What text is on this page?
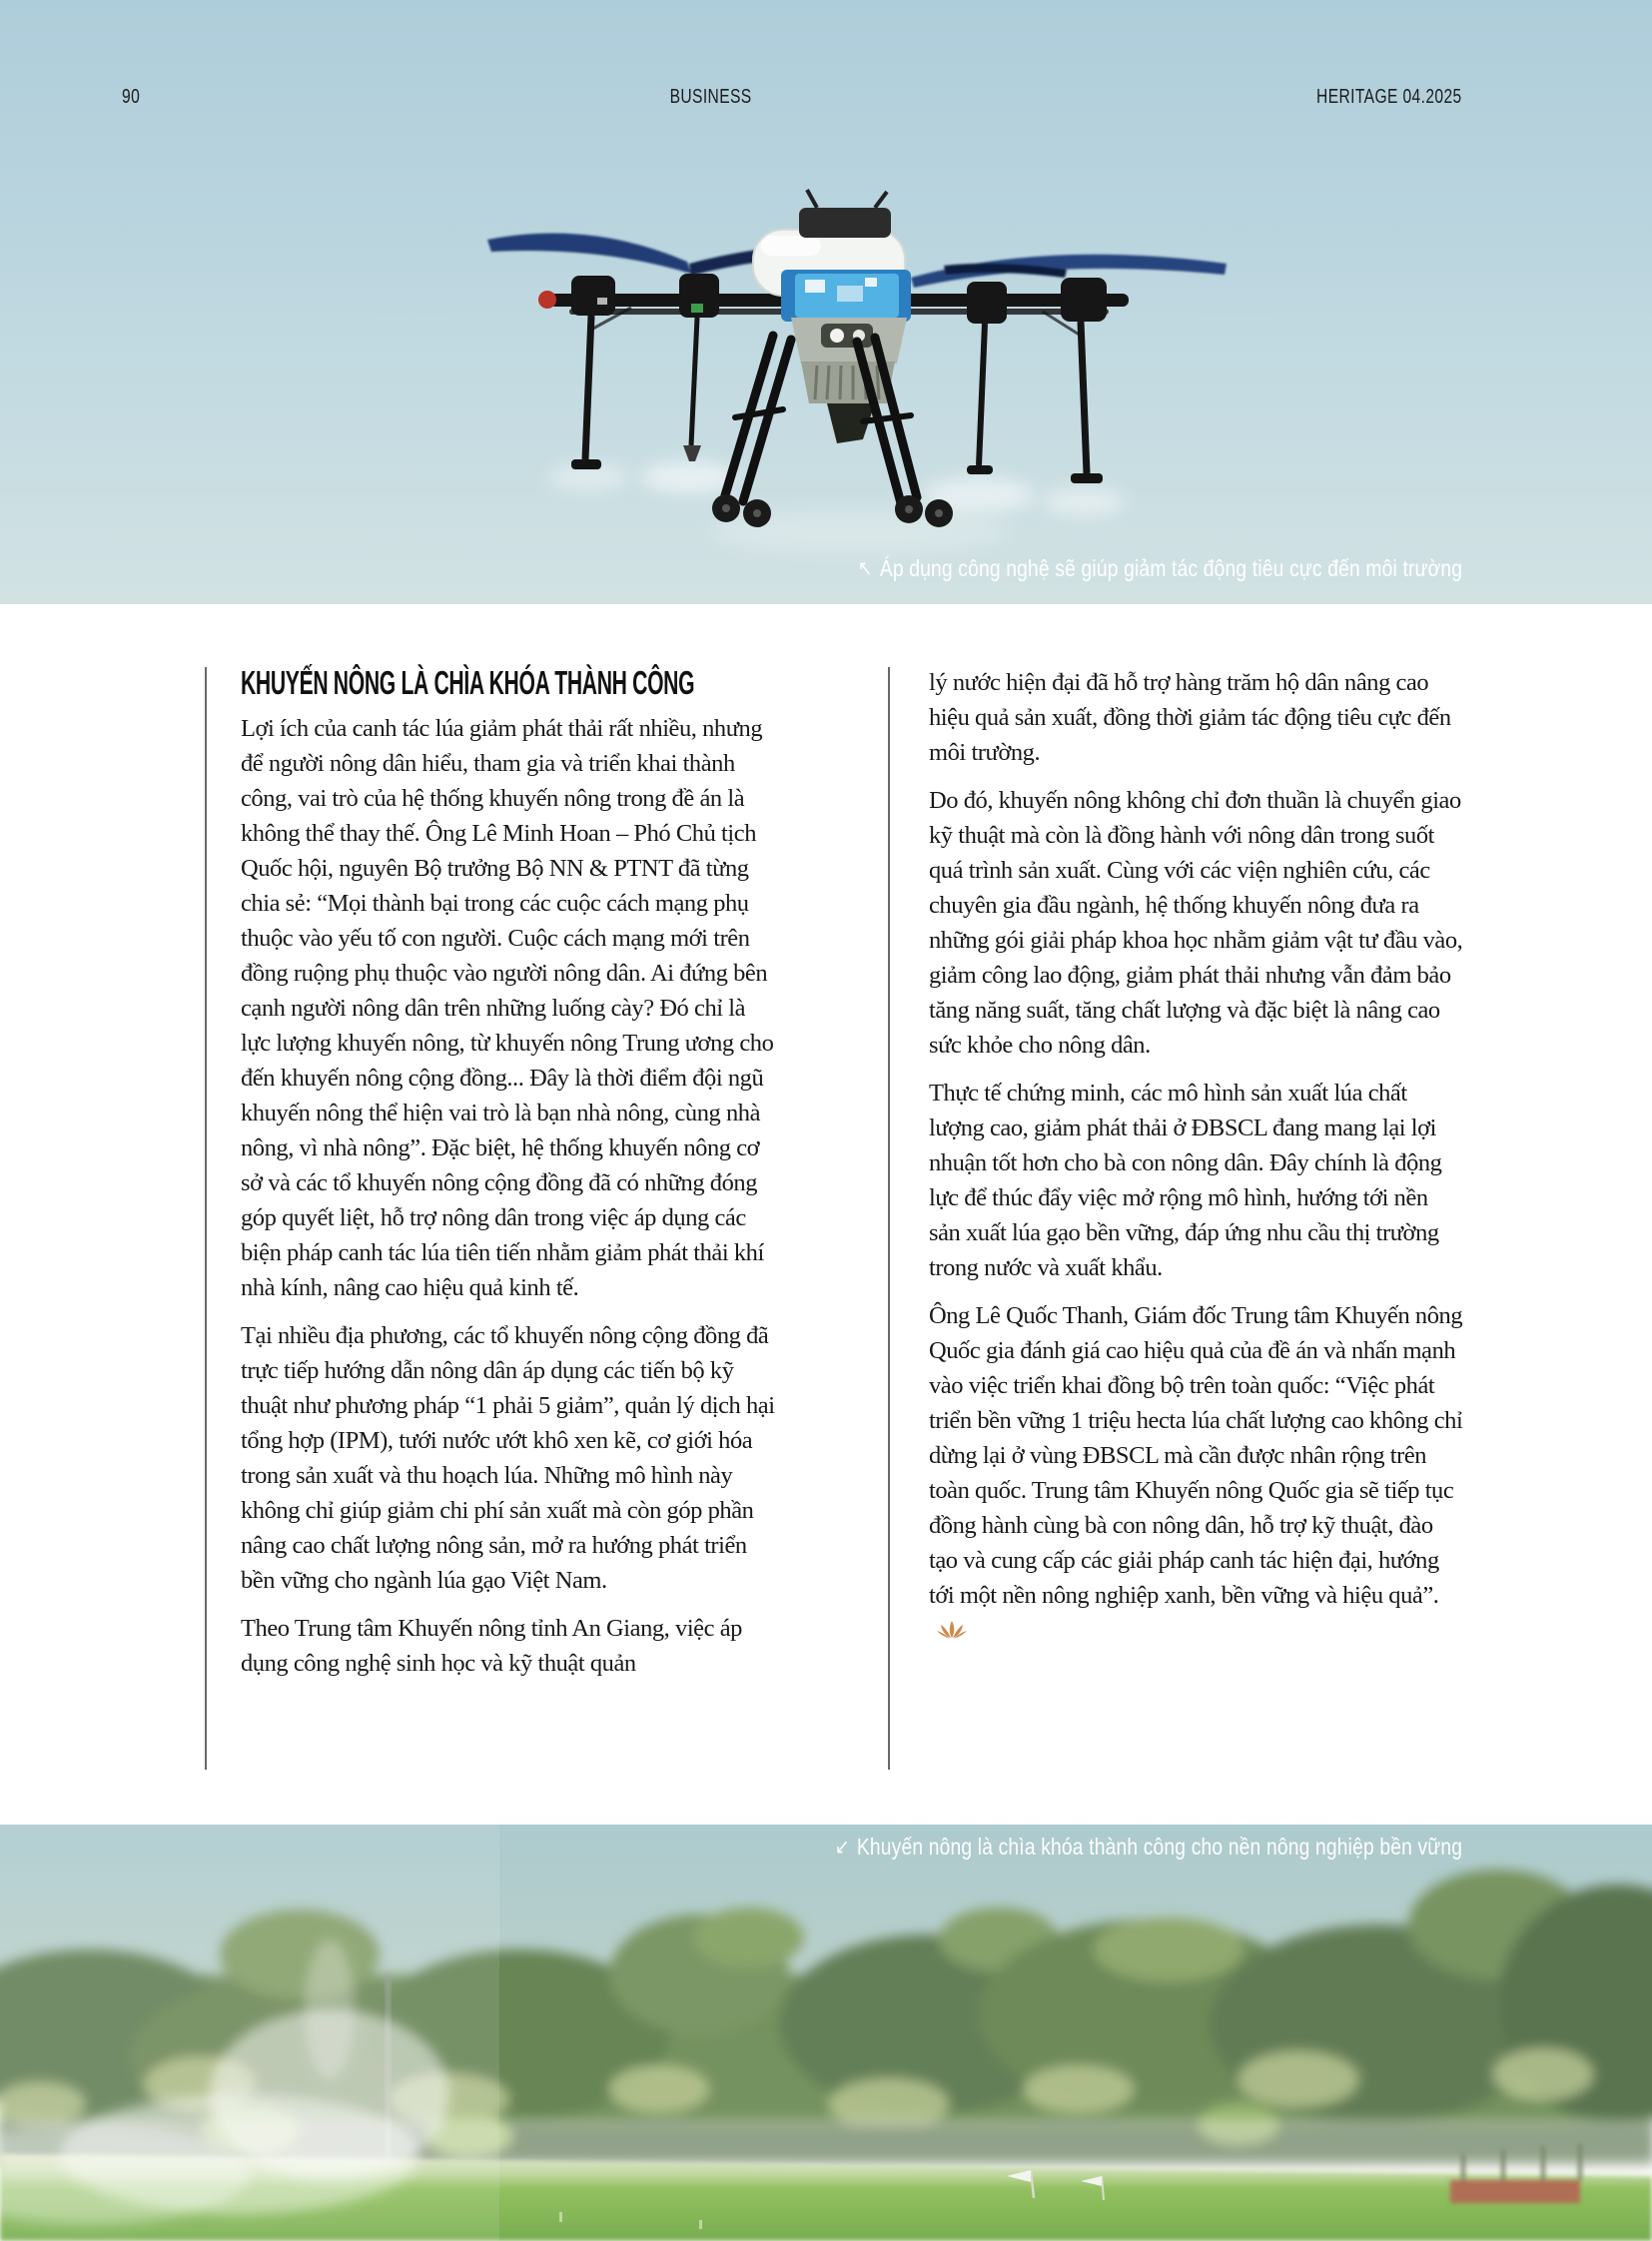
90	BUSINESS	HERITAGE 04.2025
↖ Áp dụng công nghệ sẽ giúp giảm tác động tiêu cực đến môi trường
KHUYẾN NÔNG LÀ CHÌA KHÓA THÀNH CÔNG

Lợi ích của canh tác lúa giảm phát thải rất nhiều, nhưng để người nông dân hiểu, tham gia và triển khai thành công, vai trò của hệ thống khuyến nông trong đề án là không thể thay thế. Ông Lê Minh Hoan – Phó Chủ tịch Quốc hội, nguyên Bộ trưởng Bộ NN & PTNT đã từng chia sẻ: “Mọi thành bại trong các cuộc cách mạng phụ thuộc vào yếu tố con người. Cuộc cách mạng mới trên đồng ruộng phụ thuộc vào người nông dân. Ai đứng bên cạnh người nông dân trên những luống cày? Đó chỉ là lực lượng khuyến nông, từ khuyến nông Trung ương cho đến khuyến nông cộng đồng... Đây là thời điểm đội ngũ khuyến nông thể hiện vai trò là bạn nhà nông, cùng nhà nông, vì nhà nông”. Đặc biệt, hệ thống khuyến nông cơ sở và các tổ khuyến nông cộng đồng đã có những đóng góp quyết liệt, hỗ trợ nông dân trong việc áp dụng các biện pháp canh tác lúa tiên tiến nhằm giảm phát thải khí nhà kính, nâng cao hiệu quả kinh tế.

Tại nhiều địa phương, các tổ khuyến nông cộng đồng đã trực tiếp hướng dẫn nông dân áp dụng các tiến bộ kỹ thuật như phương pháp “1 phải 5 giảm”, quản lý dịch hại tổng hợp (IPM), tưới nước ướt khô xen kẽ, cơ giới hóa trong sản xuất và thu hoạch lúa. Những mô hình này không chỉ giúp giảm chi phí sản xuất mà còn góp phần nâng cao chất lượng nông sản, mở ra hướng phát triển bền vững cho ngành lúa gạo Việt Nam.

Theo Trung tâm Khuyến nông tỉnh An Giang, việc áp dụng công nghệ sinh học và kỹ thuật quản

lý nước hiện đại đã hỗ trợ hàng trăm hộ dân nâng cao hiệu quả sản xuất, đồng thời giảm tác động tiêu cực đến môi trường.

Do đó, khuyến nông không chỉ đơn thuần là chuyển giao kỹ thuật mà còn là đồng hành với nông dân trong suốt quá trình sản xuất. Cùng với các viện nghiên cứu, các chuyên gia đầu ngành, hệ thống khuyến nông đưa ra những gói giải pháp khoa học nhằm giảm vật tư đầu vào, giảm công lao động, giảm phát thải nhưng vẫn đảm bảo tăng năng suất, tăng chất lượng và đặc biệt là nâng cao sức khỏe cho nông dân.

Thực tế chứng minh, các mô hình sản xuất lúa chất lượng cao, giảm phát thải ở ĐBSCL đang mang lại lợi nhuận tốt hơn cho bà con nông dân. Đây chính là động lực để thúc đẩy việc mở rộng mô hình, hướng tới nền sản xuất lúa gạo bền vững, đáp ứng nhu cầu thị trường trong nước và xuất khẩu.

Ông Lê Quốc Thanh, Giám đốc Trung tâm Khuyến nông Quốc gia đánh giá cao hiệu quả của đề án và nhấn mạnh vào việc triển khai đồng bộ trên toàn quốc: “Việc phát triển bền vững 1 triệu hecta lúa chất lượng cao không chỉ dừng lại ở vùng ĐBSCL mà cần được nhân rộng trên toàn quốc. Trung tâm Khuyến nông Quốc gia sẽ tiếp tục đồng hành cùng bà con nông dân, hỗ trợ kỹ thuật, đào tạo và cung cấp các giải pháp canh tác hiện đại, hướng tới một nền nông nghiệp xanh, bền vững và hiệu quả”.

↙ Khuyến nông là chìa khóa thành công cho nền nông nghiệp bền vững
